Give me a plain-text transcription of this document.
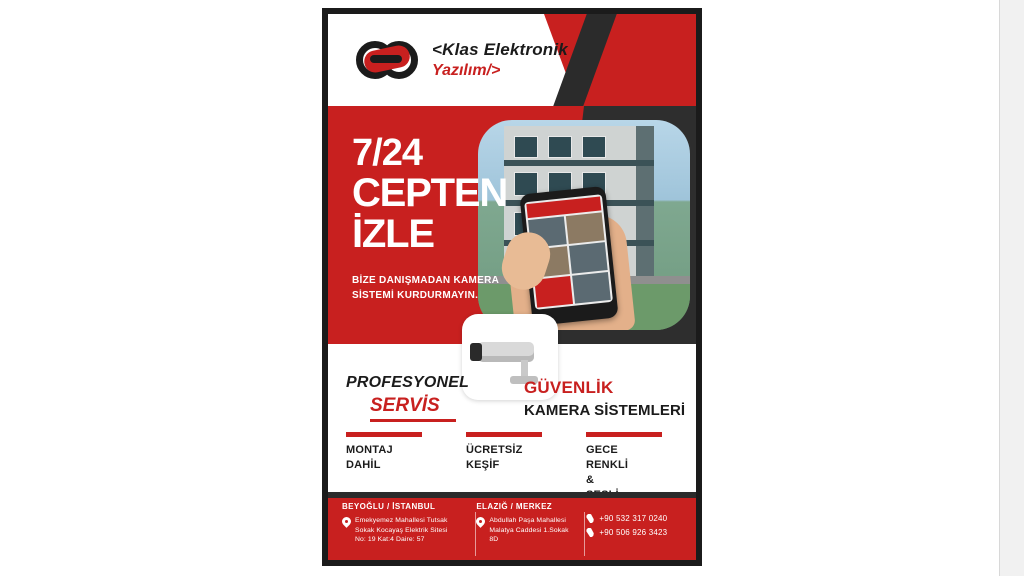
<Klas Elektronik
Yazılım/>
7/24
CEPTEN
İZLE
BİZE DANIŞMADAN KAMERA
SİSTEMİ KURDURMAYIN.
PROFESYONEL
SERVİS
GÜVENLİK
KAMERA SİSTEMLERİ
MONTAJ
DAHİL
ÜCRETSİZ
KEŞİF
GECE
RENKLİ
&
BEYOĞLU / İSTANBUL
Emekyemez Mahallesi Tutsak
Sokak Kocayaş Elektrik Sitesi
No: 19 Kat:4 Daire: 57
ELAZIĞ / MERKEZ
Abdullah Paşa Mahallesi
Malatya Caddesi 1.Sokak
8D
+90 532 317 0240
+90 506 926 3423
